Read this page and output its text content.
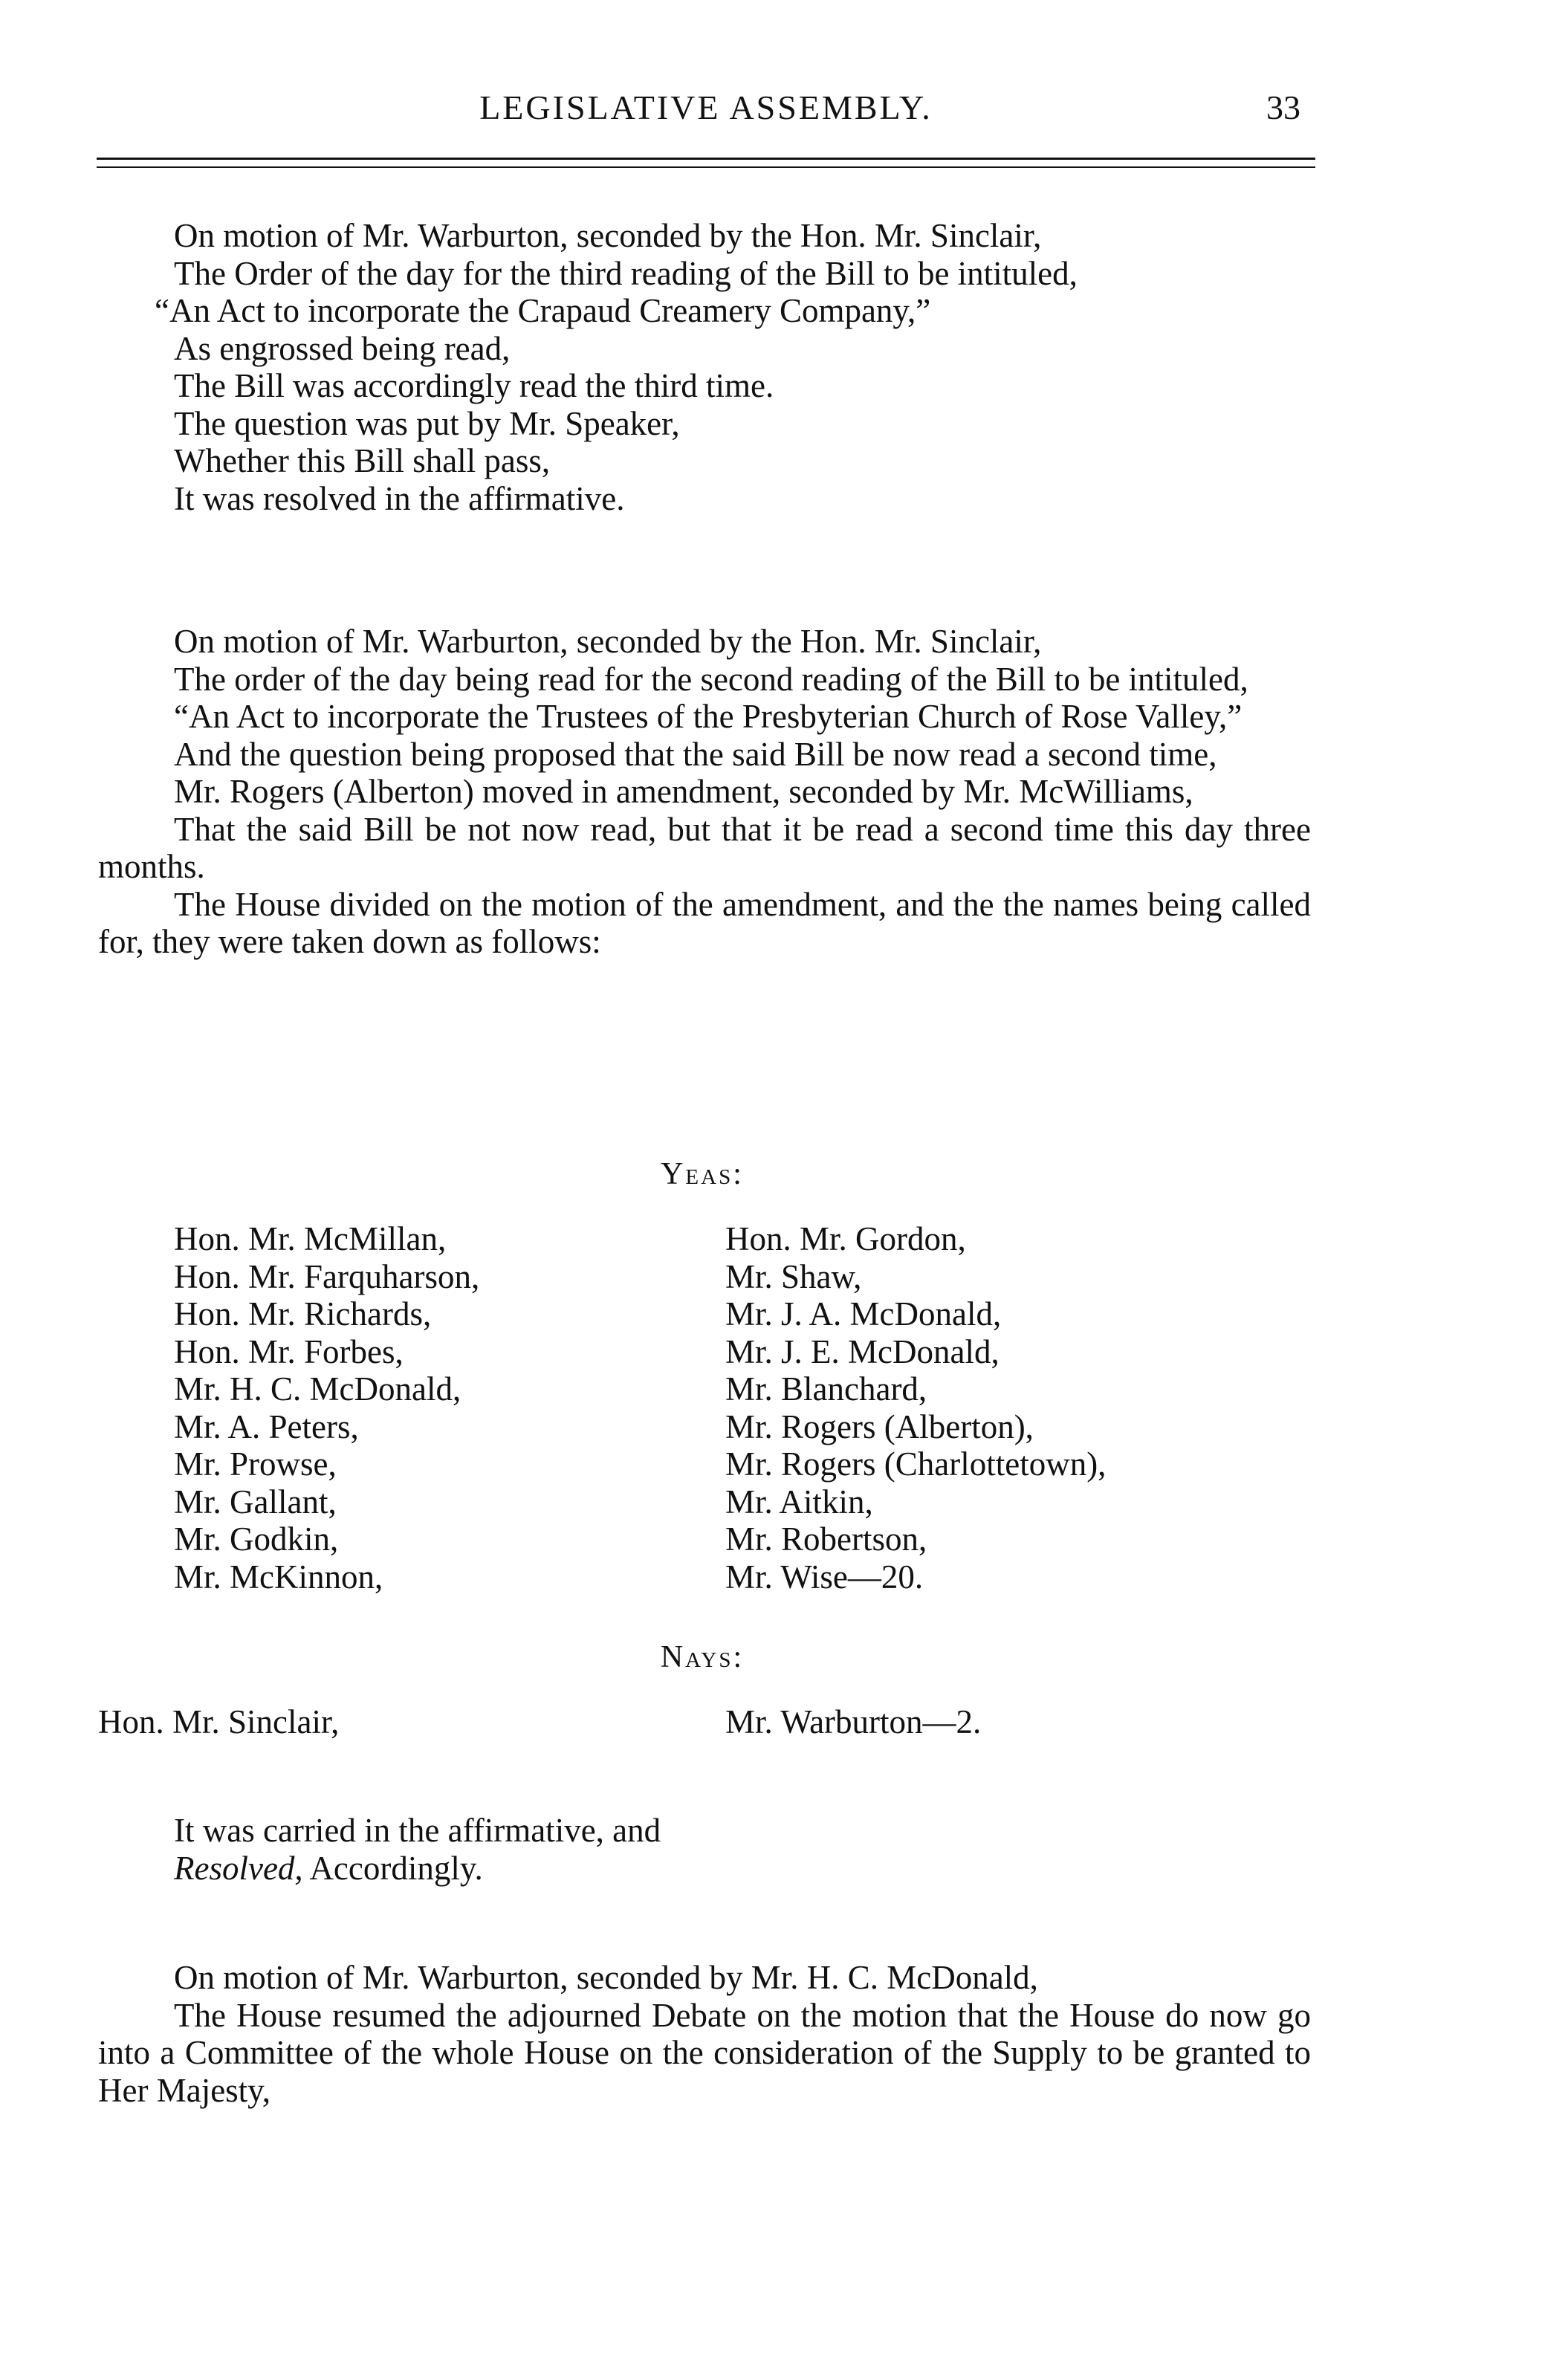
LEGISLATIVE ASSEMBLY.	33

On motion of Mr. Warburton, seconded by the Hon. Mr. Sinclair,

The Order of the day for the third reading of the Bill to be intituled,

“An Act to incorporate the Crapaud Creamery Company,”

As engrossed being read,

The Bill was accordingly read the third time.

The question was put by Mr. Speaker,

Whether this Bill shall pass,

It was resolved in the affirmative.

On motion of Mr. Warburton, seconded by the Hon. Mr. Sinclair,

The order of the day being read for the second reading of the Bill to be intituled,

“An Act to incorporate the Trustees of the Presbyterian Church of Rose Valley,”

And the question being proposed that the said Bill be now read a second time,

Mr. Rogers (Alberton) moved in amendment, seconded by Mr. McWilliams,

That the said Bill be not now read, but that it be read a second time this day three months.

The House divided on the motion of the amendment, and the the names being called for, they were taken down as follows:

Yeas:
Hon. Mr. McMillan,
Hon. Mr. Farquharson,
Hon. Mr. Richards,
Hon. Mr. Forbes,
Mr. H. C. McDonald,
Mr. A. Peters,
Mr. Prowse,
Mr. Gallant,
Mr. Godkin,
Mr. McKinnon,
Hon. Mr. Gordon,
Mr. Shaw,
Mr. J. A. McDonald,
Mr. J. E. McDonald,
Mr. Blanchard,
Mr. Rogers (Alberton),
Mr. Rogers (Charlottetown),
Mr. Aitkin,
Mr. Robertson,
Mr. Wise—20.
Nays:
Hon. Mr. Sinclair,	Mr. Warburton—2.

It was carried in the affirmative, and

Resolved, Accordingly.

On motion of Mr. Warburton, seconded by Mr. H. C. McDonald,

The House resumed the adjourned Debate on the motion that the House do now go into a Committee of the whole House on the consideration of the Supply to be granted to Her Majesty,
